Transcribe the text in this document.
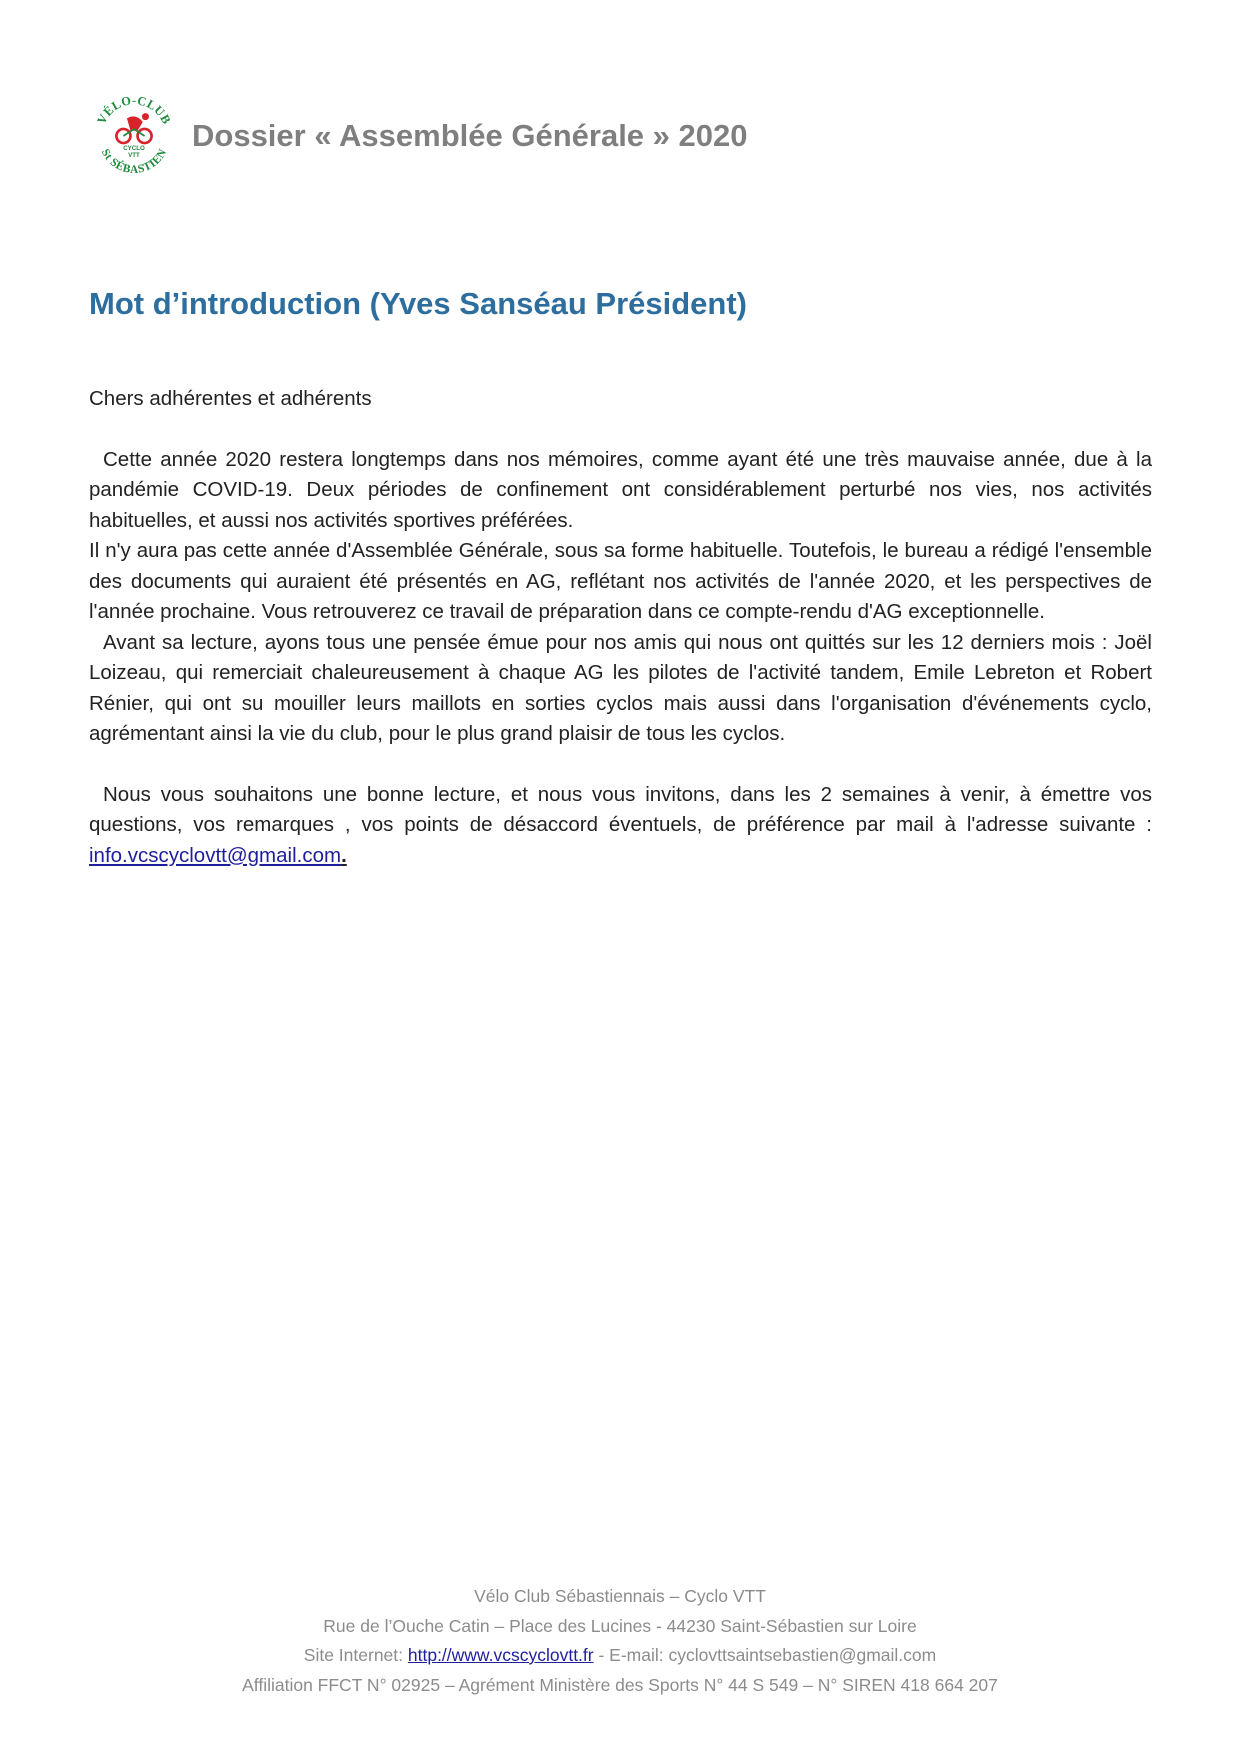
VÉLO-CLUB
St SÉBASTIEN
CYCLO
VTT
Dossier « Assemblée Générale » 2020
Mot d’introduction (Yves Sanséau Président)

Chers adhérentes et adhérents

Cette année 2020 restera longtemps dans nos mémoires, comme ayant été une très mauvaise année, due à la pandémie COVID-19. Deux périodes de confinement ont considérablement perturbé nos vies, nos activités habituelles, et aussi nos activités sportives préférées.

Il n'y aura pas cette année d'Assemblée Générale, sous sa forme habituelle. Toutefois, le bureau a rédigé l'ensemble des documents qui auraient été présentés en AG, reflétant nos activités de l'année 2020, et les perspectives de l'année prochaine. Vous retrouverez ce travail de préparation dans ce compte-rendu d'AG exceptionnelle.

Avant sa lecture, ayons tous une pensée émue pour nos amis qui nous ont quittés sur les 12 derniers mois : Joël Loizeau, qui remerciait chaleureusement à chaque AG les pilotes de l'activité tandem, Emile Lebreton et Robert Rénier, qui ont su mouiller leurs maillots en sorties cyclos mais aussi dans l'organisation d'événements cyclo, agrémentant ainsi la vie du club, pour le plus grand plaisir de tous les cyclos.

Nous vous souhaitons une bonne lecture, et nous vous invitons, dans les 2 semaines à venir, à émettre vos questions, vos remarques , vos points de désaccord éventuels, de préférence par mail à l'adresse suivante : info.vcscyclovtt@gmail.com.

Vélo Club Sébastiennais – Cyclo VTT
Rue de l’Ouche Catin – Place des Lucines - 44230 Saint-Sébastien sur Loire
Site Internet: http://www.vcscyclovtt.fr - E-mail: cyclovttsaintsebastien@gmail.com
Affiliation FFCT N° 02925 – Agrément Ministère des Sports N° 44 S 549 – N° SIREN 418 664 207
